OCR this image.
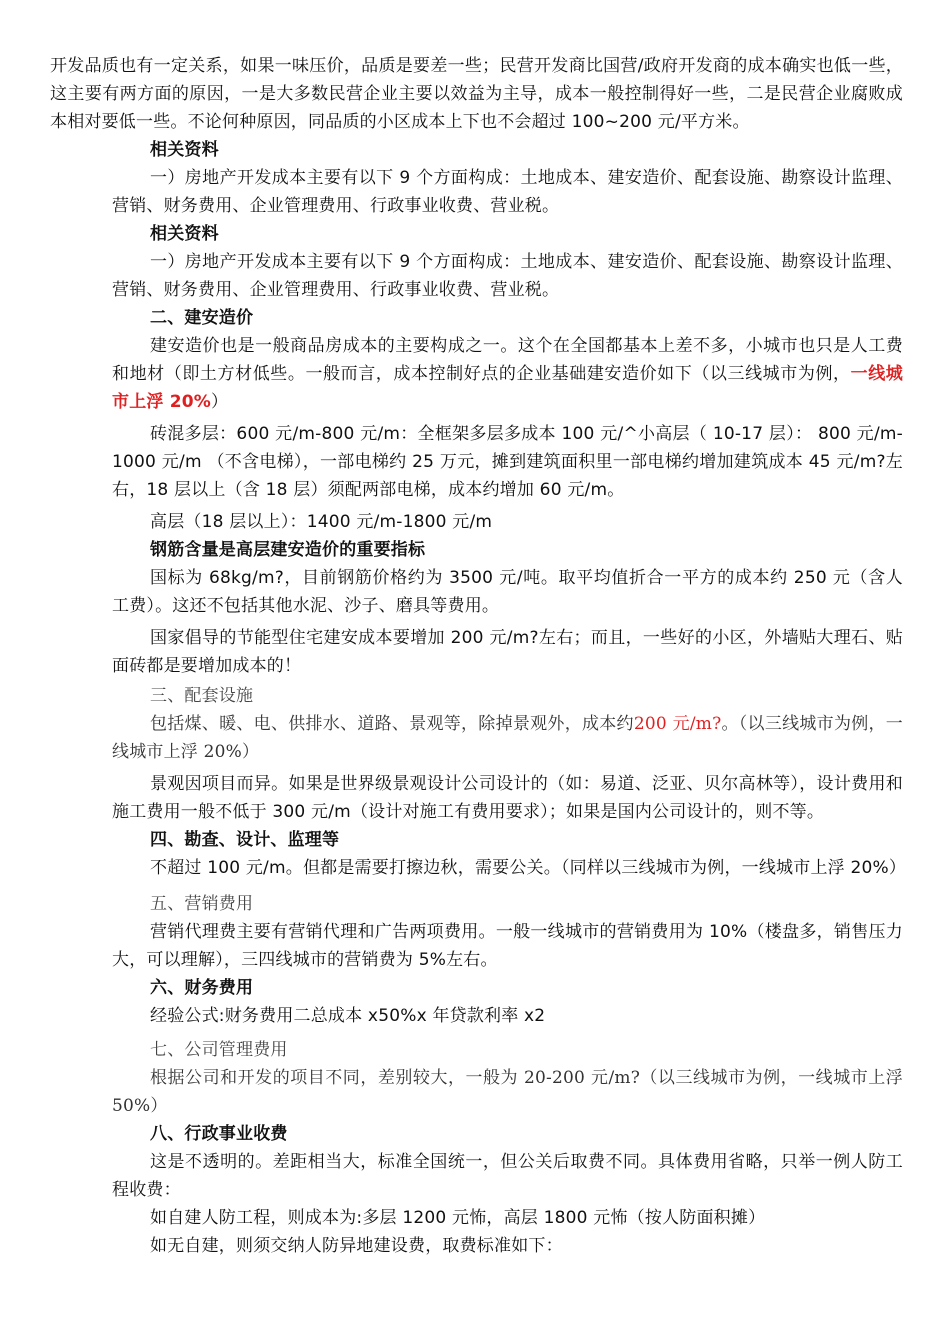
开发品质也有一定关系，如果一味压价，品质是要差一些；民营开发商比国营/政府开发商的成本确实也低一些，这主要有两方面的原因，一是大多数民营企业主要以效益为主导，成本一般控制得好一些，二是民营企业腐败成本相对要低一些。不论何种原因，同品质的小区成本上下也不会超过 100~200 元/平方米。

相关资料

一）房地产开发成本主要有以下 9 个方面构成：土地成本、建安造价、配套设施、勘察设计监理、营销、财务费用、企业管理费用、行政事业收费、营业税。

相关资料

一）房地产开发成本主要有以下 9 个方面构成：土地成本、建安造价、配套设施、勘察设计监理、营销、财务费用、企业管理费用、行政事业收费、营业税。

二、建安造价

建安造价也是一般商品房成本的主要构成之一。这个在全国都基本上差不多，小城市也只是人工费和地材（即土方材低些。一般而言，成本控制好点的企业基础建安造价如下（以三线城市为例，一线城市上浮 20%）

砖混多层：600 元/m-800 元/m：全框架多层多成本 100 元/^小高层（ 10-17 层）： 800 元/m-1000 元/m （不含电梯），一部电梯约 25 万元，摊到建筑面积里一部电梯约增加建筑成本 45 元/m?左右，18 层以上（含 18 层）须配两部电梯，成本约增加 60 元/m。

高层（18 层以上）：1400 元/m-1800 元/m

钢筋含量是高层建安造价的重要指标

国标为 68kg/m?，目前钢筋价格约为 3500 元/吨。取平均值折合一平方的成本约 250 元（含人工费）。这还不包括其他水泥、沙子、磨具等费用。

国家倡导的节能型住宅建安成本要增加 200 元/m?左右；而且，一些好的小区，外墙贴大理石、贴面砖都是要增加成本的！

三、配套设施

包括煤、暖、电、供排水、道路、景观等，除掉景观外，成本约200 元/m?。（以三线城市为例，一线城市上浮 20%）

景观因项目而异。如果是世界级景观设计公司设计的（如：易道、泛亚、贝尔高林等），设计费用和施工费用一般不低于 300 元/m（设计对施工有费用要求）；如果是国内公司设计的，则不等。

四、勘查、设计、监理等

不超过 100 元/m。但都是需要打擦边秋，需要公关。（同样以三线城市为例，一线城市上浮 20%）

五、营销费用

营销代理费主要有营销代理和广告两项费用。一般一线城市的营销费用为 10%（楼盘多，销售压力大，可以理解），三四线城市的营销费为 5%左右。

六、财务费用

经验公式:财务费用二总成本 x50%x 年贷款利率 x2

七、公司管理费用

根据公司和开发的项目不同，差别较大，一般为 20-200 元/m?（以三线城市为例，一线城市上浮 50%）

八、行政事业收费

这是不透明的。差距相当大，标准全国统一，但公关后取费不同。具体费用省略，只举一例人防工程收费：

如自建人防工程，则成本为:多层 1200 元怖，高层 1800 元怖（按人防面积摊）

如无自建，则须交纳人防异地建设费，取费标准如下：
